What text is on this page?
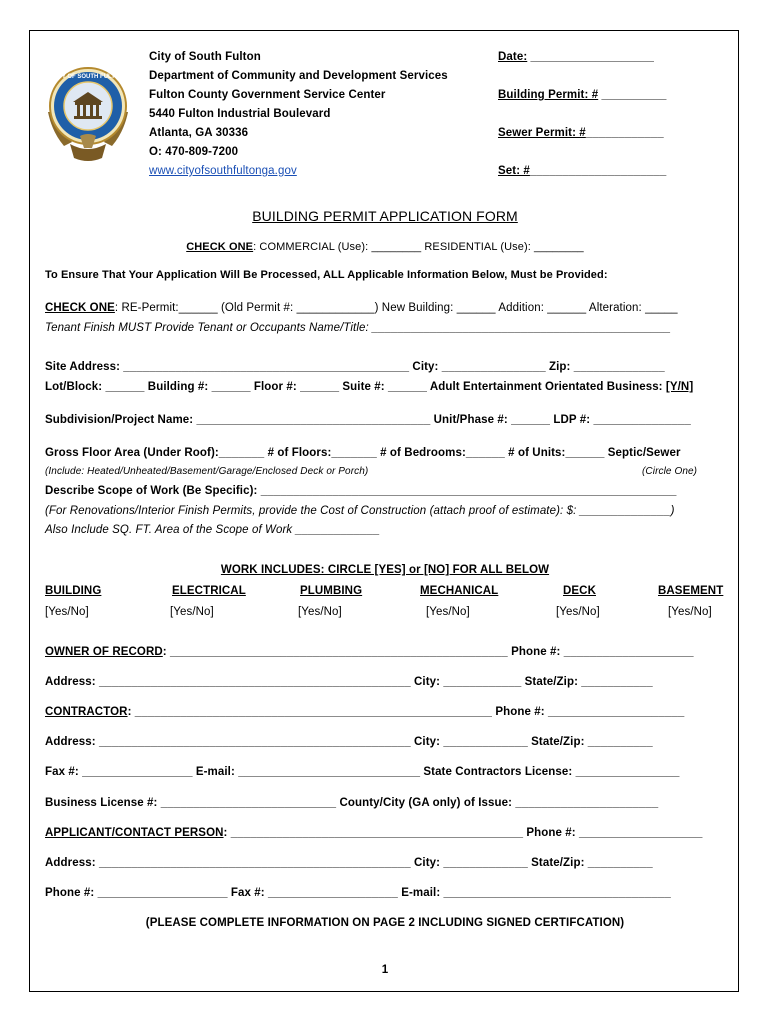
CITY OF SOUTH FULTON
City of South Fulton
Department of Community and Development Services
Fulton County Government Service Center
5440 Fulton Industrial Boulevard
Atlanta, GA 30336
O: 470-809-7200
www.cityofsouthfultonga.gov
Date: ___________________
Building Permit: # __________
Sewer Permit: #____________
Set: #_____________________
BUILDING PERMIT APPLICATION FORM
CHECK ONE: COMMERCIAL (Use): ________ RESIDENTIAL (Use): ________
To Ensure That Your Application Will Be Processed, ALL Applicable Information Below, Must be Provided:
CHECK ONE: RE-Permit:______ (Old Permit #: ____________) New Building: ______ Addition: ______ Alteration: _____
Tenant Finish MUST Provide Tenant or Occupants Name/Title: ______________________________________________
Site Address: ____________________________________________ City: ________________ Zip: ______________
Lot/Block: ______ Building #: ______ Floor #: ______ Suite #: ______ Adult Entertainment Orientated Business: [Y/N]
Subdivision/Project Name: ____________________________________ Unit/Phase #: ______ LDP #: _______________
Gross Floor Area (Under Roof):_______ # of Floors:_______ # of Bedrooms:______ # of Units:______ Septic/Sewer
(Include: Heated/Unheated/Basement/Garage/Enclosed Deck or Porch)	(Circle One)
Describe Scope of Work (Be Specific): ________________________________________________________________
(For Renovations/Interior Finish Permits, provide the Cost of Construction (attach proof of estimate): $: ______________)
Also Include SQ. FT. Area of the Scope of Work _____________
WORK INCLUDES: CIRCLE [YES] or [NO] FOR ALL BELOW
BUILDING	ELECTRICAL	PLUMBING	MECHANICAL	DECK	BASEMENT
[Yes/No]	[Yes/No]	[Yes/No]	[Yes/No]	[Yes/No]	[Yes/No]
OWNER OF RECORD: ____________________________________________________ Phone #: ____________________
Address: ________________________________________________ City: ____________ State/Zip: ___________
CONTRACTOR: _______________________________________________________ Phone #: _____________________
Address: ________________________________________________ City: _____________ State/Zip: __________
Fax #: _________________ E-mail: ____________________________ State Contractors License: ________________
Business License #: ___________________________ County/City (GA only) of Issue: ______________________
APPLICANT/CONTACT PERSON: _____________________________________________ Phone #: ___________________
Address: ________________________________________________ City: _____________ State/Zip: __________
Phone #: ____________________ Fax #: ____________________ E-mail: ___________________________________
(PLEASE COMPLETE INFORMATION ON PAGE 2 INCLUDING SIGNED CERTIFCATION)
1
